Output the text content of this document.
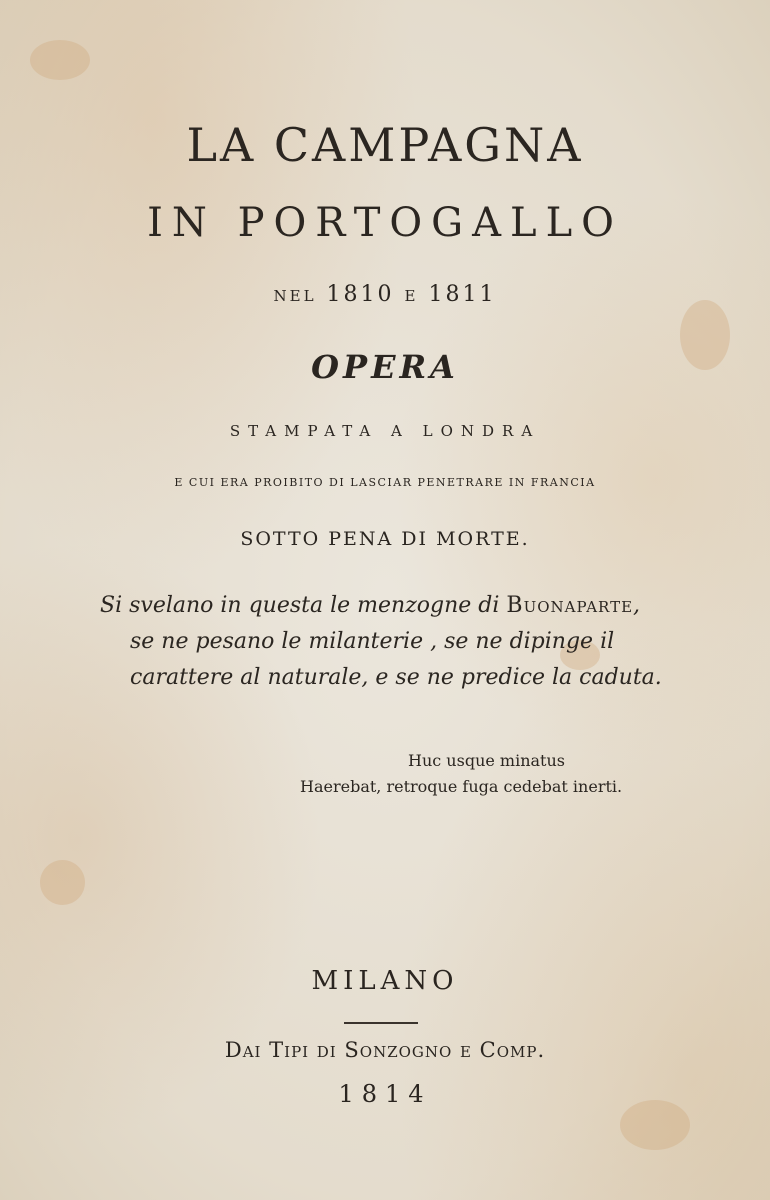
LA CAMPAGNA
IN PORTOGALLO
nel 1810 e 1811
OPERA
STAMPATA A LONDRA
E CUI ERA PROIBITO DI LASCIAR PENETRARE IN FRANCIA
SOTTO PENA DI MORTE.
Si svelano in questa le menzogne di Buonaparte,
se ne pesano le milanterie , se ne dipinge il
carattere al naturale, e se ne predice la caduta.
Huc usque minatus
Haerebat, retroque fuga cedebat inerti.
MILANO
Dai Tipi di Sonzogno e Comp.
1814
